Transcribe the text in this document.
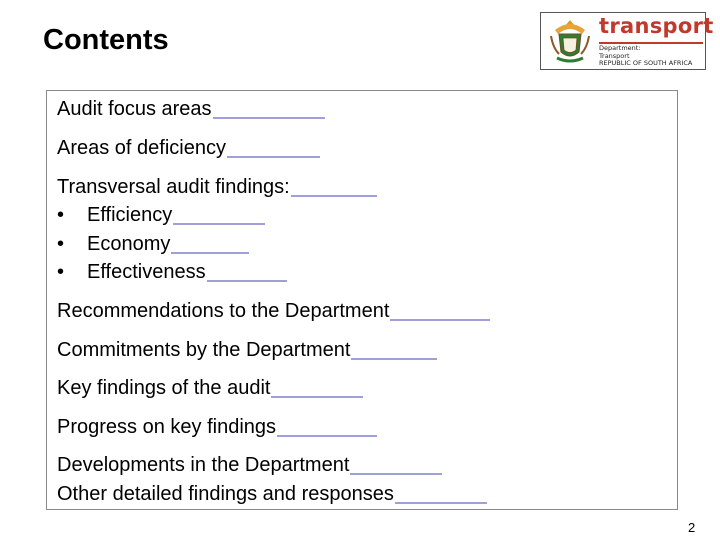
Contents	transport
Department:
Transport
REPUBLIC OF SOUTH AFRICA
Audit focus areas
Areas of deficiency
Transversal audit findings:
•	Efficiency
•	Economy
•	Effectiveness
Recommendations to the Department
Commitments by the Department
Key findings of the audit
Progress on key findings
Developments in the Department
Other detailed findings and responses
2
